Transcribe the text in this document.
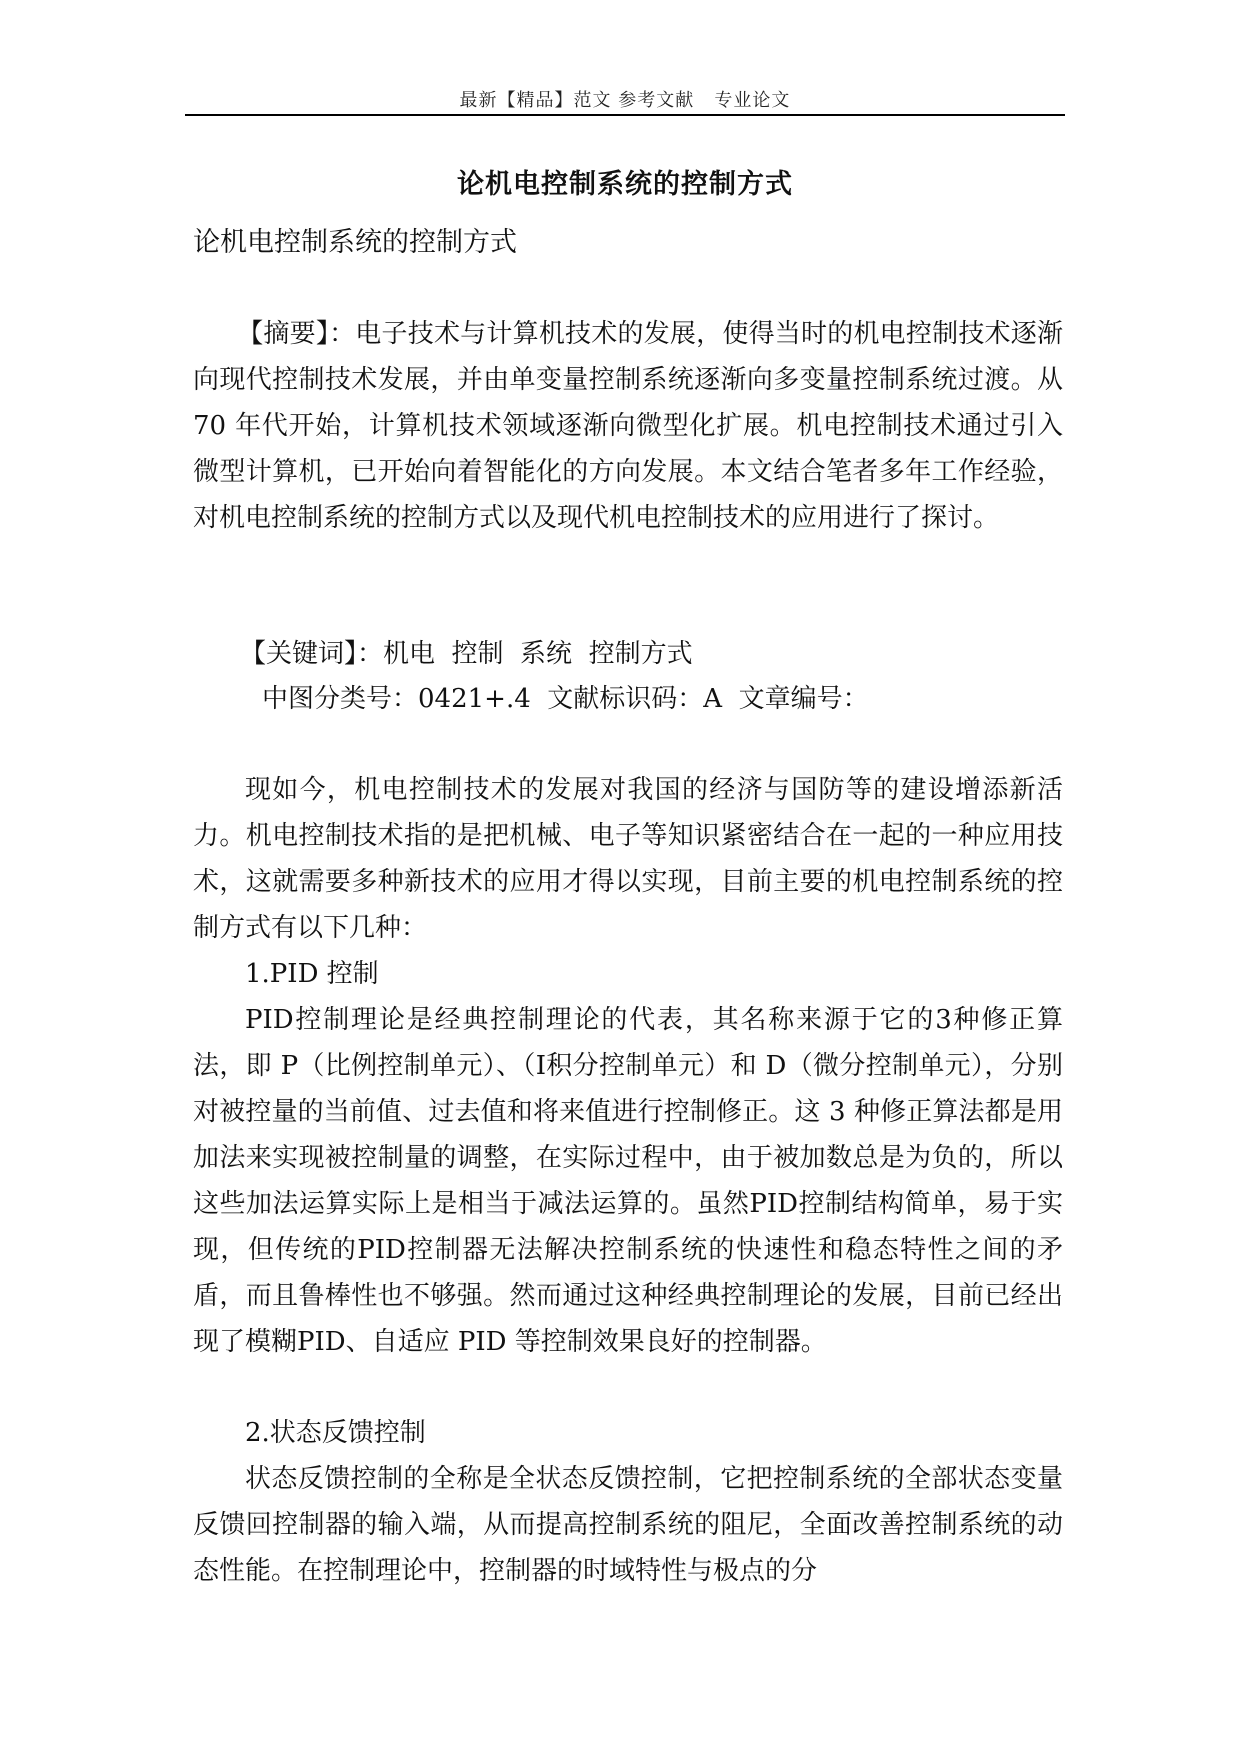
最新【精品】范文 参考文献   专业论文
论机电控制系统的控制方式
论机电控制系统的控制方式
【摘要】：电子技术与计算机技术的发展，使得当时的机电控制技术逐渐向现代控制技术发展，并由单变量控制系统逐渐向多变量控制系统过渡。从 70 年代开始，计算机技术领域逐渐向微型化扩展。机电控制技术通过引入微型计算机，已开始向着智能化的方向发展。本文结合笔者多年工作经验，对机电控制系统的控制方式以及现代机电控制技术的应用进行了探讨。
【关键词】：机电  控制  系统  控制方式
中图分类号：0421+.4  文献标识码：A  文章编号：
现如今，机电控制技术的发展对我国的经济与国防等的建设增添新活力。机电控制技术指的是把机械、电子等知识紧密结合在一起的一种应用技术，这就需要多种新技术的应用才得以实现，目前主要的机电控制系统的控制方式有以下几种：
1.PID 控制
PID控制理论是经典控制理论的代表，其名称来源于它的3种修正算法，即 P（比例控制单元）、（I积分控制单元）和 D（微分控制单元），分别对被控量的当前值、过去值和将来值进行控制修正。这 3 种修正算法都是用加法来实现被控制量的调整，在实际过程中，由于被加数总是为负的，所以这些加法运算实际上是相当于减法运算的。虽然PID控制结构简单，易于实现，但传统的PID控制器无法解决控制系统的快速性和稳态特性之间的矛盾，而且鲁棒性也不够强。然而通过这种经典控制理论的发展，目前已经出现了模糊PID、自适应 PID 等控制效果良好的控制器。
2.状态反馈控制
状态反馈控制的全称是全状态反馈控制，它把控制系统的全部状态变量反馈回控制器的输入端，从而提高控制系统的阻尼，全面改善控制系统的动态性能。在控制理论中，控制器的时域特性与极点的分
